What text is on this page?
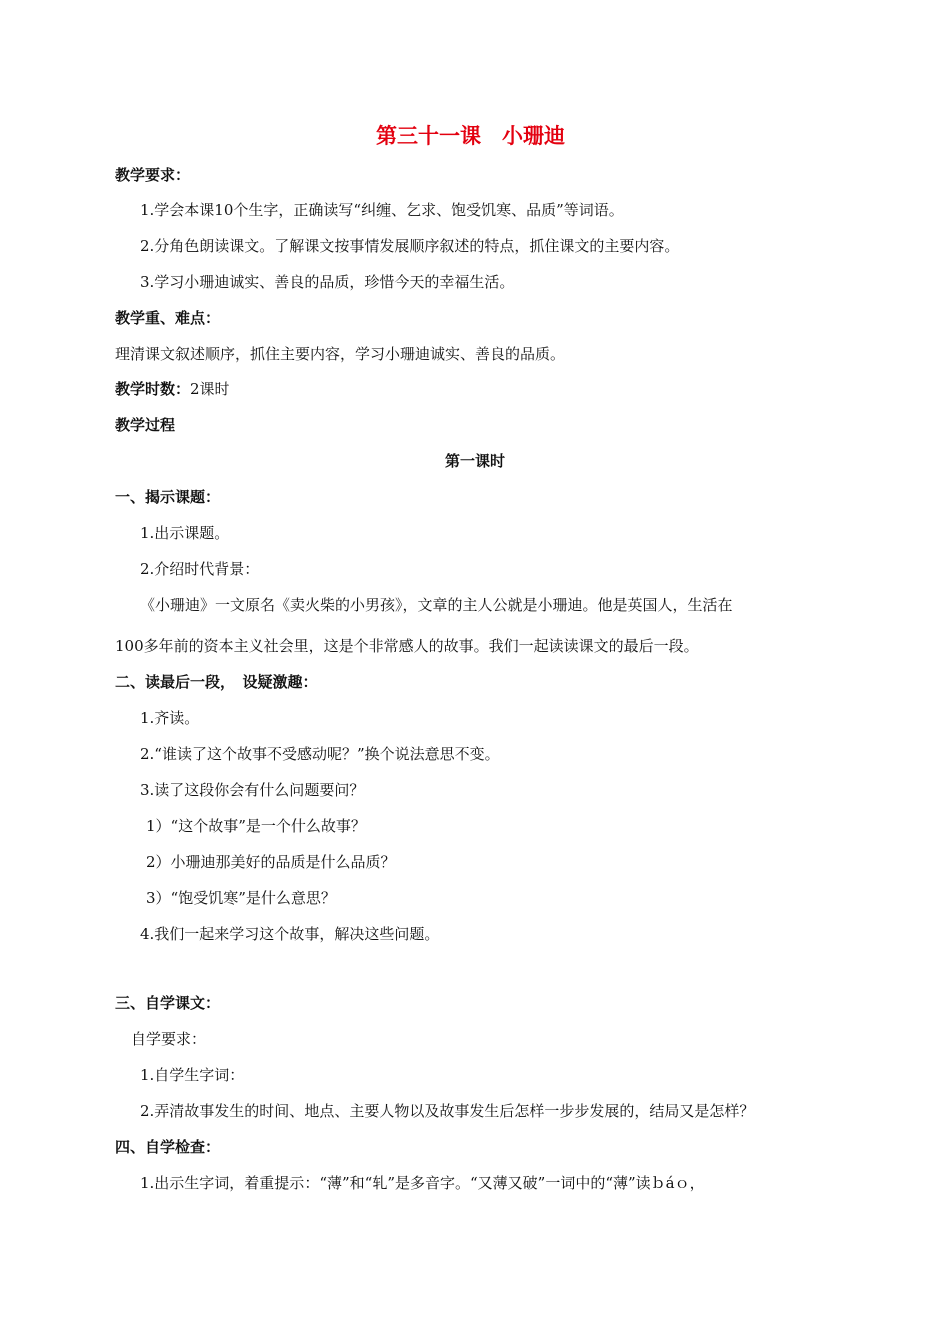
第三十一课　小珊迪
教学要求：
1.学会本课10个生字，正确读写“纠缠、乞求、饱受饥寒、品质”等词语。
2.分角色朗读课文。了解课文按事情发展顺序叙述的特点，抓住课文的主要内容。
3.学习小珊迪诚实、善良的品质，珍惜今天的幸福生活。
教学重、难点：
理清课文叙述顺序，抓住主要内容，学习小珊迪诚实、善良的品质。
教学时数：2课时
教学过程
第一课时
一、揭示课题：
1.出示课题。
2.介绍时代背景：
《小珊迪》一文原名《卖火柴的小男孩》，文章的主人公就是小珊迪。他是英国人，生活在
100多年前的资本主义社会里，这是个非常感人的故事。我们一起读读课文的最后一段。
二、读最后一段，　设疑激趣：
1.齐读。
2.“谁读了这个故事不受感动呢？”换个说法意思不变。
3.读了这段你会有什么问题要问？
1）“这个故事”是一个什么故事？
2）小珊迪那美好的品质是什么品质？
3）“饱受饥寒”是什么意思？
4.我们一起来学习这个故事，解决这些问题。
三、自学课文：
自学要求：
1.自学生字词：
2.弄清故事发生的时间、地点、主要人物以及故事发生后怎样一步步发展的，结局又是怎样？
四、自学检查：
1.出示生字词，着重提示：“薄”和“轧”是多音字。“又薄又破”一词中的“薄”读ｂáｏ，
